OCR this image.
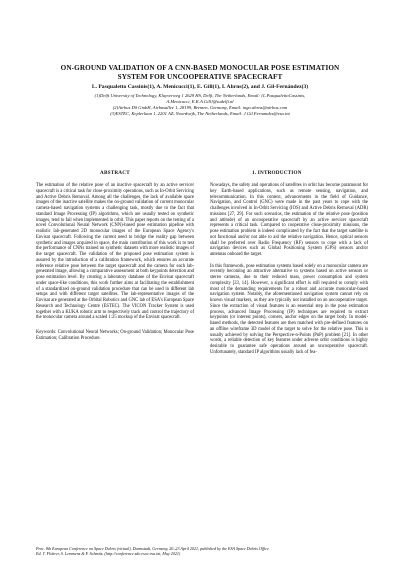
ON-GROUND VALIDATION OF A CNN-BASED MONOCULAR POSE ESTIMATION
SYSTEM FOR UNCOOPERATIVE SPACECRAFT
L. Pasqualetto Cassinis(1), A. Menicucci(1), E. Gill(1), I. Ahrns(2), and J. Gil-Fernández(3)
(1)Delft University of Technology, Kluyverweg 1 2629 HS, Delft, The Netherlands, Email: {L.PasqualettoCassinis,
A.Menicucci, E.K.A.Gill}@tudelft.nl
(2)Airbus DS GmbH, Airbusallee 1, 28199, Bremen, Germany, Email: ingo.ahrns@airbus.com
(3)ESTEC, Keplerlaan 1, 2201 AZ, Noordwijk, The Netherlands, Email: J.Gil.Fernandez@esa.int
ABSTRACT	1. INTRODUCTION

The estimation of the relative pose of an inactive spacecraft by an active servicer spacecraft is a critical task for close-proximity operations, such as In-Orbit Servicing and Active Debris Removal. Among all the challenges, the lack of available space images of the inactive satellite makes the on-ground validation of current monocular camera-based navigation systems a challenging task, mostly due to the fact that standard Image Processing (IP) algorithms, which are usually tested on synthetic images, tend to fail when implemented in orbit. This paper reports on the testing of a novel Convolutional Neural Network (CNN)-based pose estimation pipeline with realistic lab-generated 2D monocular images of the European Space Agency's Envisat spacecraft. Following the current need to bridge the reality gap between synthetic and images acquired in space, the main contribution of this work is to test the performance of CNNs trained on synthetic datasets with more realistic images of the target spacecraft. The validation of the proposed pose estimation system is assured by the introduction of a calibration framework, which ensures an accurate reference relative pose between the target spacecraft and the camera for each lab-generated image, allowing a comparative assessment at both keypoints detection and pose estimation level. By creating a laboratory database of the Envisat spacecraft under space-like conditions, this work further aims at facilitating the establishment of a standardized on-ground validation procedure that can be used in different lab setups and with different target satellites. The lab-representative images of the Envisat are generated at the Orbital Robotics and GNC lab of ESA's European Space Research and Technology Centre (ESTEC). The VICON Tracker System is used together with a KUKA robotic arm to respectively track and control the trajectory of the monocular camera around a scaled 1:25 mockup of the Envisat spacecraft.

Keywords: Convolutional Neural Networks; On-ground Validation; Monocular Pose Estimation; Calibration Procedure.

Nowadays, the safety and operations of satellites in orbit has become paramount for key Earth-based applications, such as remote sensing, navigation, and telecommunication. In this context, advancements in the field of Guidance, Navigation, and Control (GNC) were made in the past years to cope with the challenges involved in In-Orbit Servicing (IOS) and Active Debris Removal (ADR) missions [27, 29]. For such scenarios, the estimation of the relative pose (position and attitude) of an uncooperative spacecraft by an active servicer spacecraft represents a critical task. Compared to cooperative close-proximity missions, the pose estimation problem is indeed complicated by the fact that the target satellite is not functional and/or not able to aid the relative navigation. Hence, optical sensors shall be preferred over Radio Frequency (RF) sensors to cope with a lack of navigation devices such as Global Positioning System (GPS) sensors and/or antennas onboard the target.

In this framework, pose estimation systems based solely on a monocular camera are recently becoming an attractive alternative to systems based on active sensors or stereo cameras, due to their reduced mass, power consumption and system complexity [23, 14]. However, a significant effort is still required to comply with most of the demanding requirements for a robust and accurate monocular-based navigation system. Notably, the aforementioned navigation system cannot rely on known visual markers, as they are typically not installed on an uncooperative target. Since the extraction of visual features is an essential step in the pose estimation process, advanced Image Processing (IP) techniques are required to extract keypoints (or interest points), corners, and/or edges on the target body. In model-based methods, the detected features are then matched with pre-defined features on an offline wireframe 3D model of the target to solve for the relative pose. This is usually achieved by solving the Perspective-n-Points (PnP) problem [21]. In other words, a reliable detection of key features under adverse orbit conditions is highly desirable to guarantee safe operations around an uncooperative spacecraft. Unfortunately, standard IP algorithms usually lack of fea-

Proc. 8th European Conference on Space Debris (virtual), Darmstadt, Germany, 20–23 April 2021, published by the ESA Space Debris Office
Ed. T. Flohrer, S. Lemmens & F. Schmitz, (http://conference.sdo.esoc.esa.int, May 2021)
